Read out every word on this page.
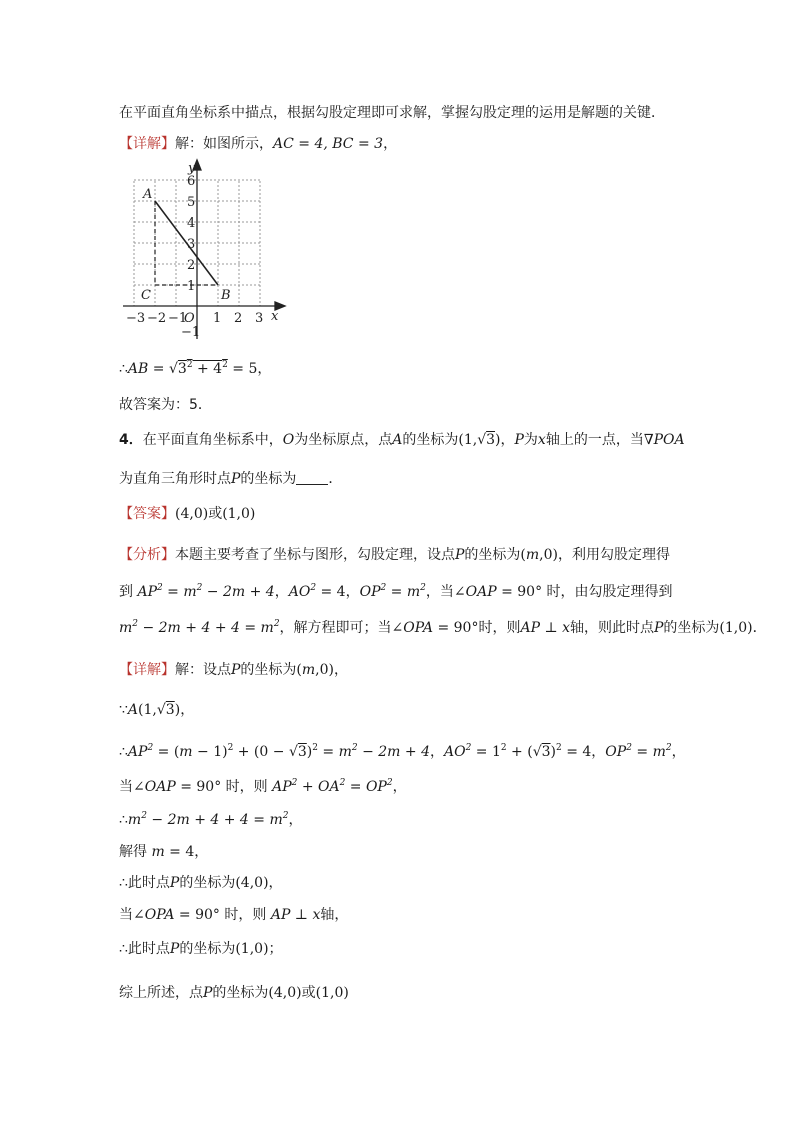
在平面直角坐标系中描点，根据勾股定理即可求解，掌握勾股定理的运用是解题的关键．
【详解】解：如图所示，AC = 4, BC = 3，
y
x
O
−3 −2 −1 1 2 3
6
5
4
3
2
1
−1
A
B
C
∴AB = $√3^2 + 4^2 = 5$，
故答案为：5．
4．在平面直角坐标系中，O为坐标原点，点A的坐标为(1,√3)，P为x轴上的一点，当∇POA
为直角三角形时点P的坐标为 ．
【答案】(4,0)或(1,0)
【分析】本题主要考查了坐标与图形，勾股定理，设点P的坐标为(m,0)，利用勾股定理得
到 $AP^2 = m^2 - 2m + 4$，$AO^2 = 4$，$OP^2 = m^2$，当∠OAP = 90° 时，由勾股定理得到
$m^2 - 2m + 4 + 4 = m^2$，解方程即可；当∠OPA = 90°时，则AP ⊥ x轴，则此时点P的坐标为(1,0)．
【详解】解：设点P的坐标为(m,0)，
∵A(1,√3)，
$\therefore AP^2 = (m - 1)^2 + (0 - √3)^2 = m^2 - 2m + 4$，$AO^2 = 1^2 + (√3)^2 = 4$，$OP^2 = m^2$，
当∠OAP = 90° 时，则 $AP^2 + OA^2 = OP^2$，
$\therefore m^2 - 2m + 4 + 4 = m^2$，
解得 m = 4，
∴此时点P的坐标为(4,0)，
当∠OPA = 90° 时，则 AP ⊥ x轴，
∴此时点P的坐标为(1,0)；
综上所述，点P的坐标为(4,0)或(1,0)
